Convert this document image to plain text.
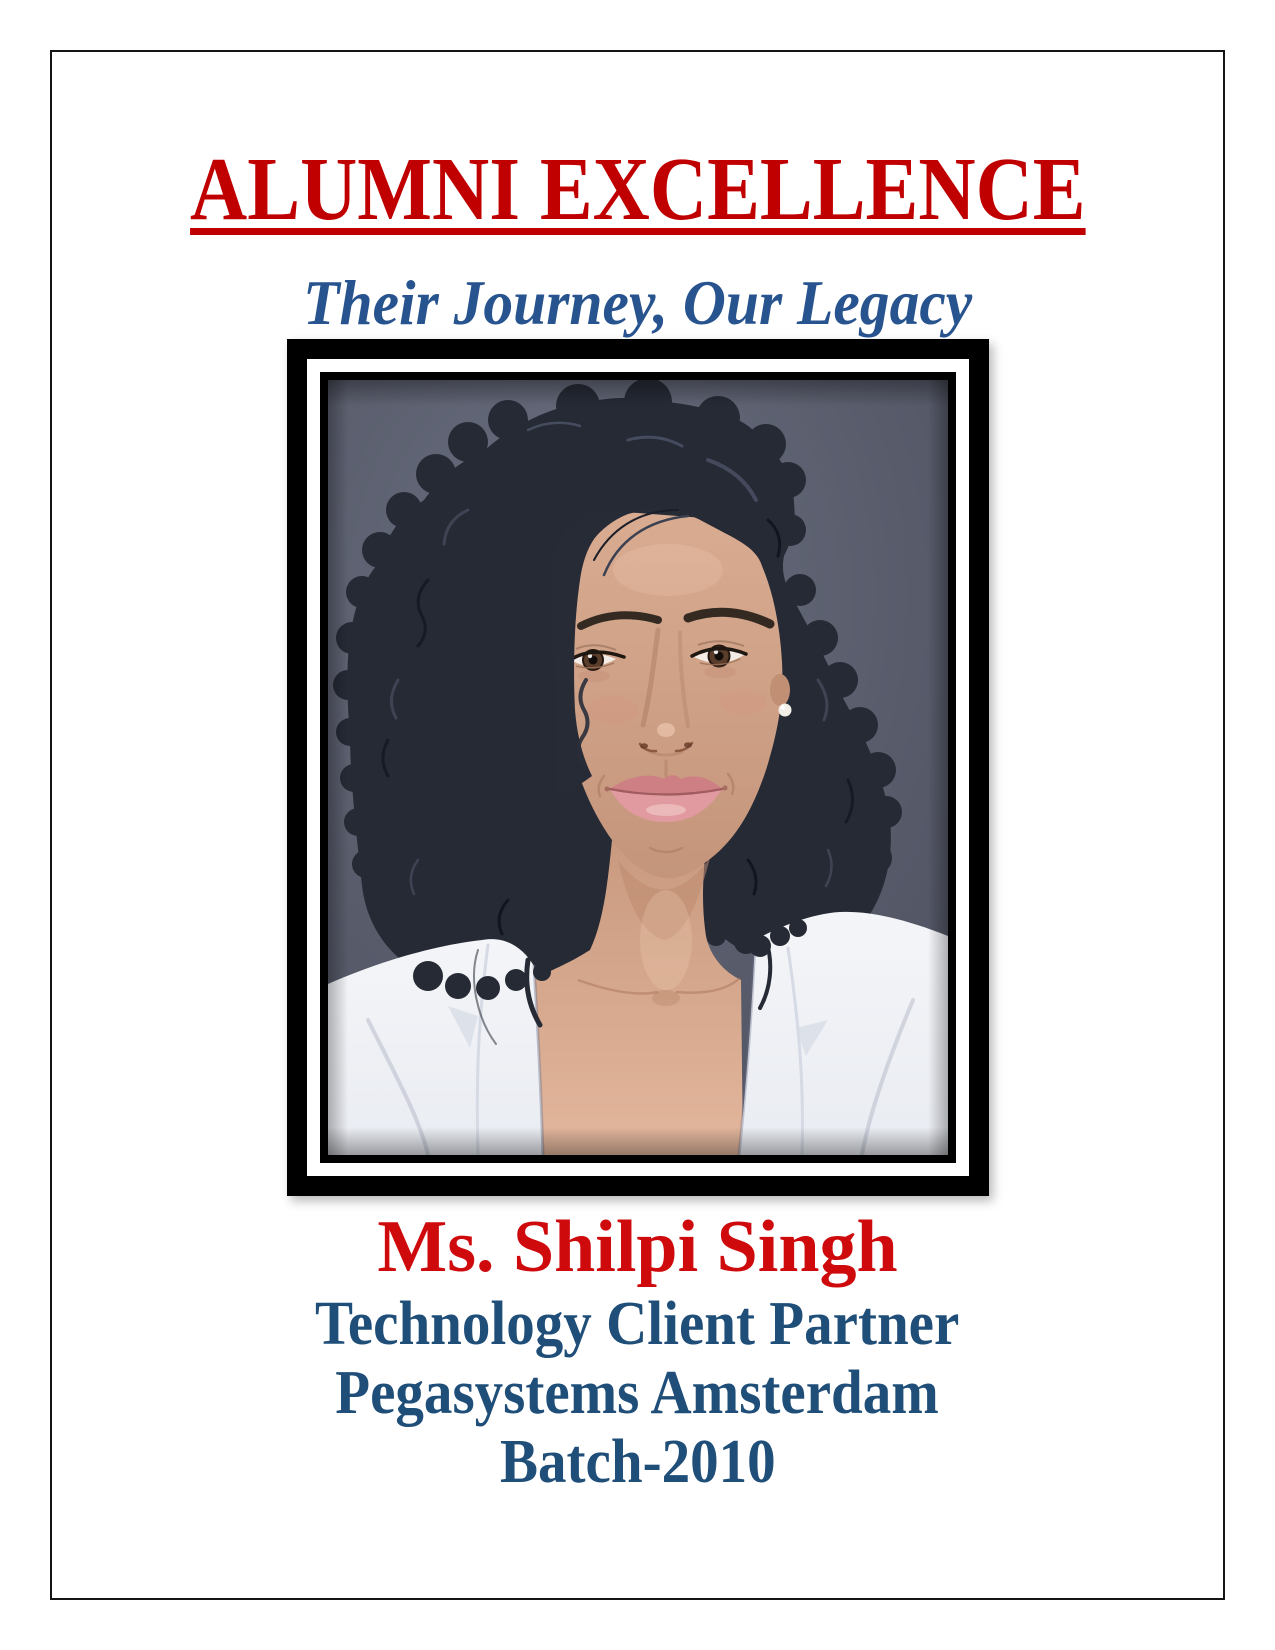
ALUMNI EXCELLENCE
Their Journey, Our Legacy
Ms. Shilpi Singh
Technology Client Partner
Pegasystems Amsterdam
Batch-2010
